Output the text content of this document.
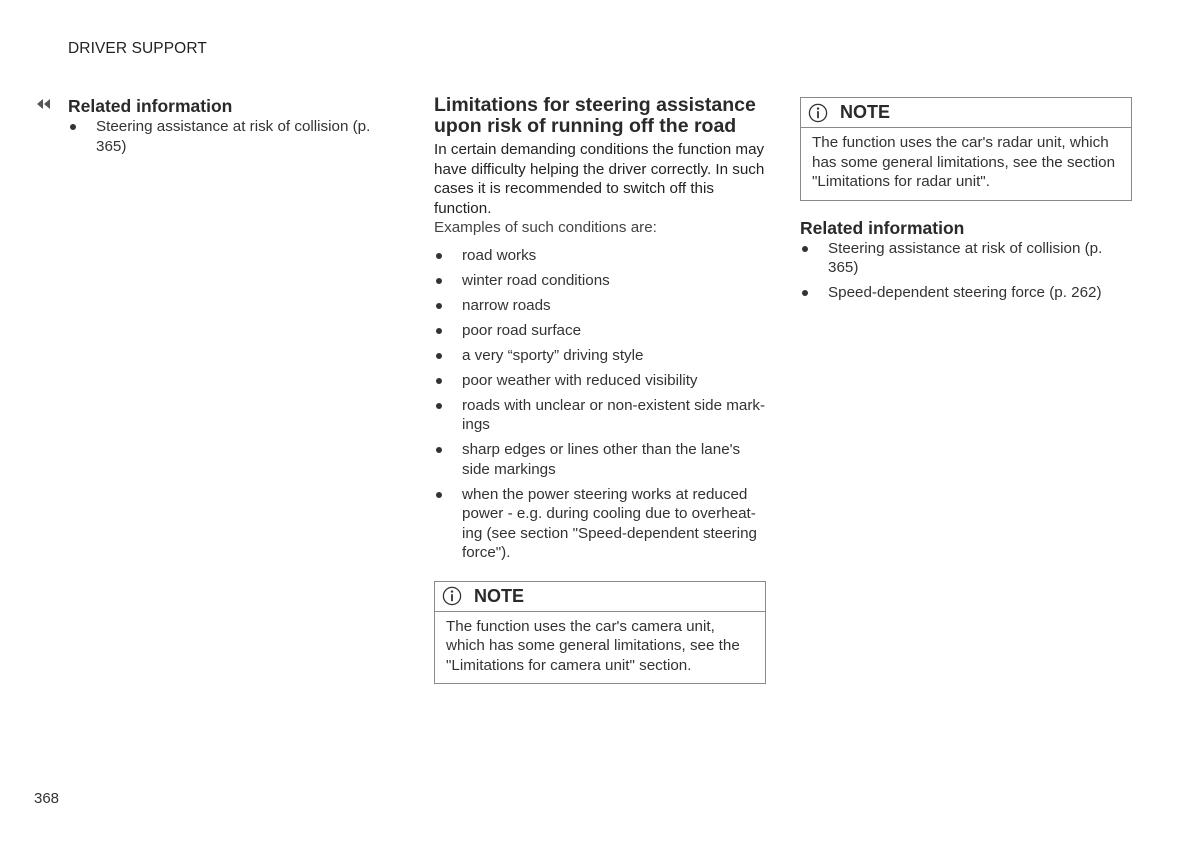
DRIVER SUPPORT
Related information
Steering assistance at risk of collision (p. 365)
Limitations for steering assistance upon risk of running off the road

In certain demanding conditions the function may have difficulty helping the driver correctly. In such cases it is recommended to switch off this function.

Examples of such conditions are:

road works
winter road conditions
narrow roads
poor road surface
a very “sporty” driving style
poor weather with reduced visibility
roads with unclear or non-existent side mark-ings
sharp edges or lines other than the lane's side markings
when the power steering works at reduced power - e.g. during cooling due to overheat-ing (see section "Speed-dependent steering force").
NOTE
The function uses the car's camera unit, which has some general limitations, see the "Limitations for camera unit" section.
NOTE
The function uses the car's radar unit, which has some general limitations, see the section "Limitations for radar unit".
Related information
Steering assistance at risk of collision (p. 365)
Speed-dependent steering force (p. 262)
368
